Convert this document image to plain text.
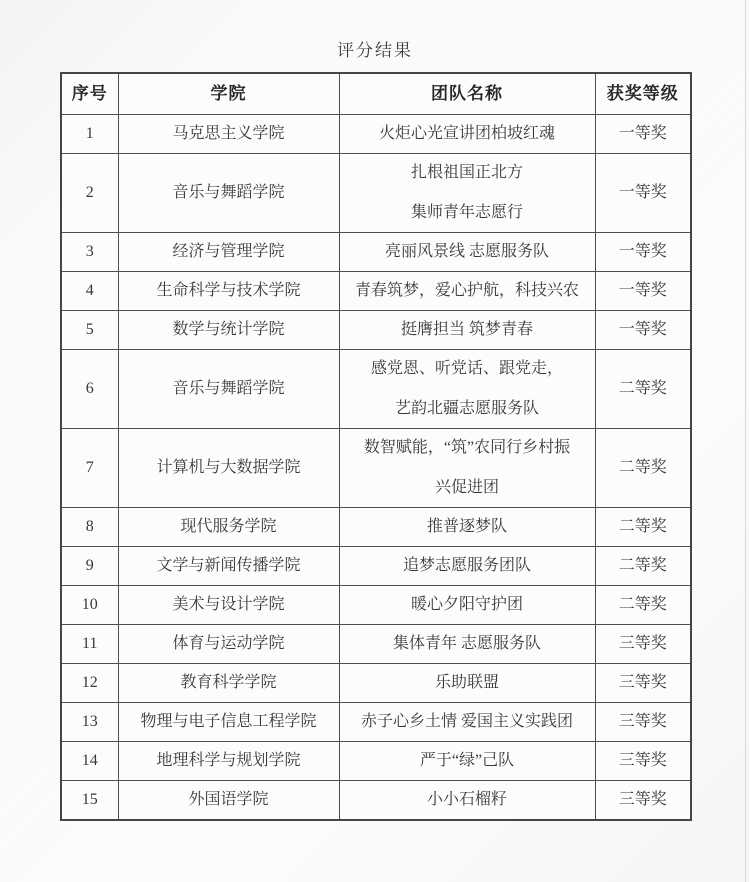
评分结果
序号	学院	团队名称	获奖等级

1	马克思主义学院	火炬心光宣讲团柏坡红魂	一等奖

2	音乐与舞蹈学院	扎根祖国正北方
集师青年志愿行	一等奖

3	经济与管理学院	亮丽风景线 志愿服务队	一等奖

4	生命科学与技术学院	青春筑梦，爱心护航，科技兴农	一等奖

5	数学与统计学院	挺膺担当 筑梦青春	一等奖

6	音乐与舞蹈学院	感党恩、听党话、跟党走，
艺韵北疆志愿服务队	二等奖

7	计算机与大数据学院	数智赋能，“筑”农同行乡村振
兴促进团	二等奖

8	现代服务学院	推普逐梦队	二等奖

9	文学与新闻传播学院	追梦志愿服务团队	二等奖

10	美术与设计学院	暖心夕阳守护团	二等奖

11	体育与运动学院	集体青年 志愿服务队	三等奖

12	教育科学学院	乐助联盟	三等奖

13	物理与电子信息工程学院	赤子心乡土情 爱国主义实践团	三等奖

14	地理科学与规划学院	严于“绿”己队	三等奖

15	外国语学院	小小石榴籽	三等奖
